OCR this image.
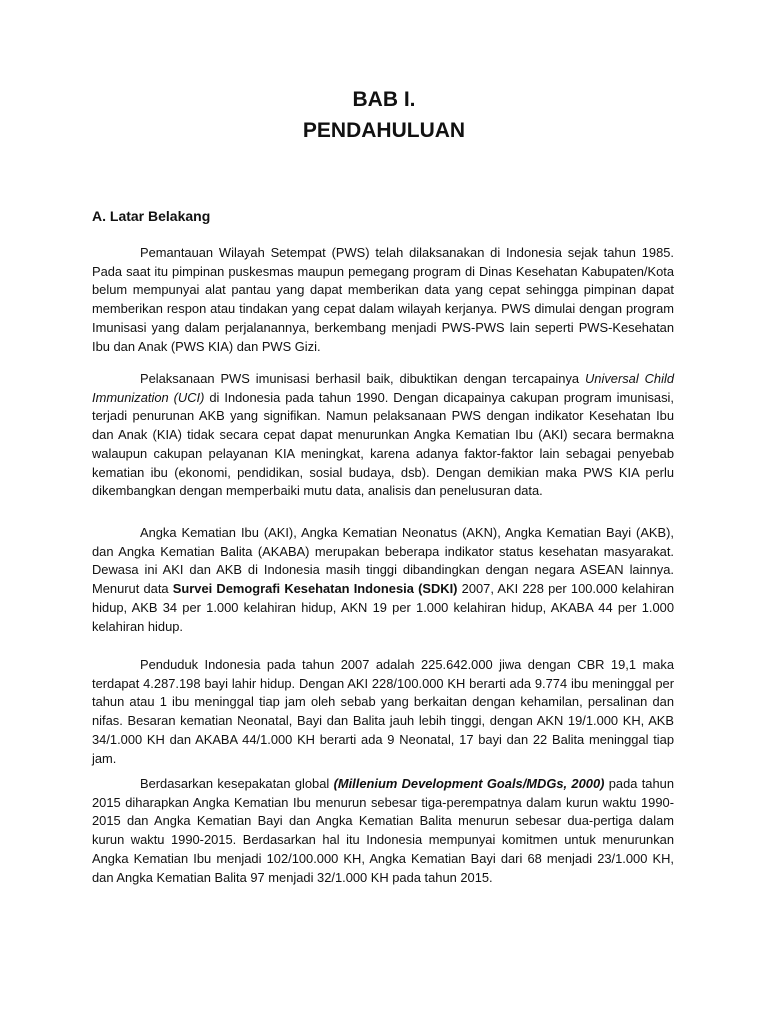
BAB I.
PENDAHULUAN
A. Latar Belakang

Pemantauan Wilayah Setempat (PWS) telah dilaksanakan di Indonesia sejak tahun 1985. Pada saat itu pimpinan puskesmas maupun pemegang program di Dinas Kesehatan Kabupaten/Kota belum mempunyai alat pantau yang dapat memberikan data yang cepat sehingga pimpinan dapat memberikan respon atau tindakan yang cepat dalam wilayah kerjanya. PWS dimulai dengan program Imunisasi yang dalam perjalanannya, berkembang menjadi PWS-PWS lain seperti PWS-Kesehatan Ibu dan Anak (PWS KIA) dan PWS Gizi.

Pelaksanaan PWS imunisasi berhasil baik, dibuktikan dengan tercapainya Universal Child Immunization (UCI) di Indonesia pada tahun 1990. Dengan dicapainya cakupan program imunisasi, terjadi penurunan AKB yang signifikan. Namun pelaksanaan PWS dengan indikator Kesehatan Ibu dan Anak (KIA) tidak secara cepat dapat menurunkan Angka Kematian Ibu (AKI) secara bermakna walaupun cakupan pelayanan KIA meningkat, karena adanya faktor-faktor lain sebagai penyebab kematian ibu (ekonomi, pendidikan, sosial budaya, dsb). Dengan demikian maka PWS KIA perlu dikembangkan dengan memperbaiki mutu data, analisis dan penelusuran data.

Angka Kematian Ibu (AKI), Angka Kematian Neonatus (AKN), Angka Kematian Bayi (AKB), dan Angka Kematian Balita (AKABA) merupakan beberapa indikator status kesehatan masyarakat. Dewasa ini AKI dan AKB di Indonesia masih tinggi dibandingkan dengan negara ASEAN lainnya. Menurut data Survei Demografi Kesehatan Indonesia (SDKI) 2007, AKI 228 per 100.000 kelahiran hidup, AKB 34 per 1.000 kelahiran hidup, AKN 19 per 1.000 kelahiran hidup, AKABA 44 per 1.000 kelahiran hidup.

Penduduk Indonesia pada tahun 2007 adalah 225.642.000 jiwa dengan CBR 19,1 maka terdapat 4.287.198 bayi lahir hidup. Dengan AKI 228/100.000 KH berarti ada 9.774 ibu meninggal per tahun atau 1 ibu meninggal tiap jam oleh sebab yang berkaitan dengan kehamilan, persalinan dan nifas. Besaran kematian Neonatal, Bayi dan Balita jauh lebih tinggi, dengan AKN 19/1.000 KH, AKB 34/1.000 KH dan AKABA 44/1.000 KH berarti ada 9 Neonatal, 17 bayi dan 22 Balita meninggal tiap jam.

Berdasarkan kesepakatan global (Millenium Development Goals/MDGs, 2000) pada tahun 2015 diharapkan Angka Kematian Ibu menurun sebesar tiga-perempatnya dalam kurun waktu 1990-2015 dan Angka Kematian Bayi dan Angka Kematian Balita menurun sebesar dua-pertiga dalam kurun waktu 1990-2015. Berdasarkan hal itu Indonesia mempunyai komitmen untuk menurunkan Angka Kematian Ibu menjadi 102/100.000 KH, Angka Kematian Bayi dari 68 menjadi 23/1.000 KH, dan Angka Kematian Balita 97 menjadi 32/1.000 KH pada tahun 2015.
